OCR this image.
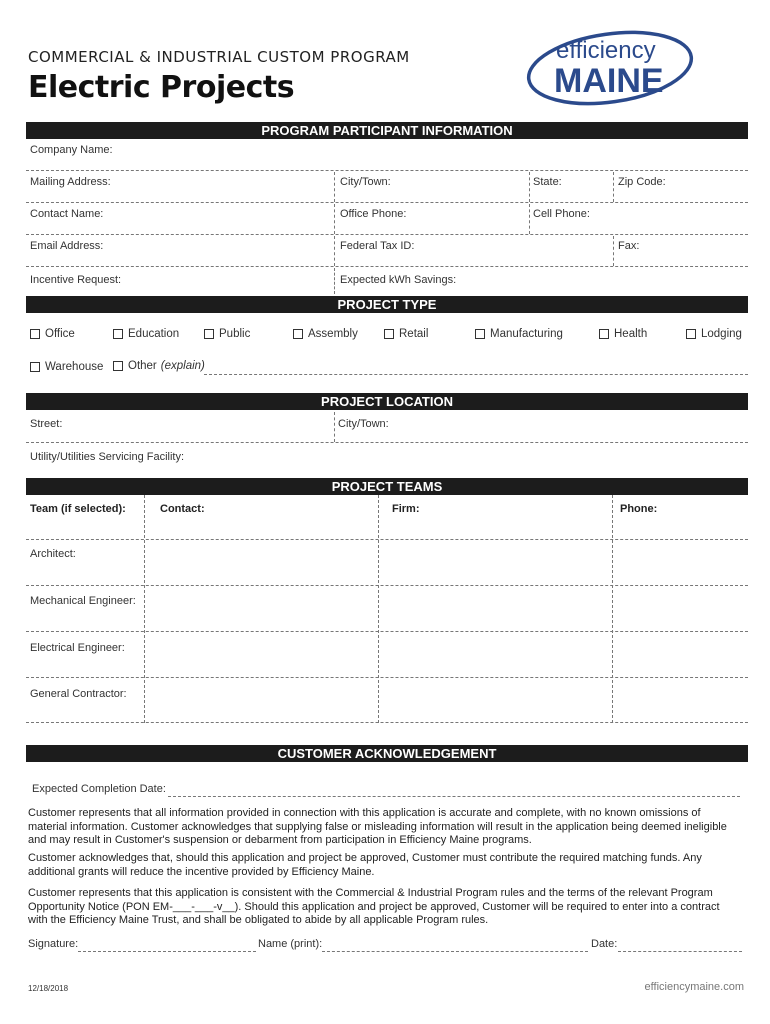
COMMERCIAL & INDUSTRIAL CUSTOM PROGRAM
Electric Projects
efficiency
MAINE
PROGRAM PARTICIPANT INFORMATION
Company Name:
Mailing Address:	City/Town:	State:	Zip Code:
Contact Name:	Office Phone:	Cell Phone:
Email Address:	Federal Tax ID:	Fax:
Incentive Request:	Expected kWh Savings:
PROJECT TYPE
Office	Education	Public	Assembly	Retail	Manufacturing	Health	Lodging
Warehouse Other (explain)
PROJECT LOCATION
Street:	City/Town:
Utility/Utilities Servicing Facility:
PROJECT TEAMS
Team (if selected):	Contact:	Firm:	Phone:
Architect:
Mechanical Engineer:
Electrical Engineer:
General Contractor:
CUSTOMER ACKNOWLEDGEMENT
Expected Completion Date:
Customer represents that all information provided in connection with this application is accurate and complete, with no known omissions of material information. Customer acknowledges that supplying false or misleading information will result in the application being deemed ineligible and may result in Customer's suspension or debarment from participation in Efficiency Maine programs.
Customer acknowledges that, should this application and project be approved, Customer must contribute the required matching funds. Any additional grants will reduce the incentive provided by Efficiency Maine.
Customer represents that this application is consistent with the Commercial & Industrial Program rules and the terms of the relevant Program Opportunity Notice (PON EM-___-___-v__). Should this application and project be approved, Customer will be required to enter into a contract with the Efficiency Maine Trust, and shall be obligated to abide by all applicable Program rules.
Signature:	Name (print):	Date:
12/18/2018	efficiencymaine.com
